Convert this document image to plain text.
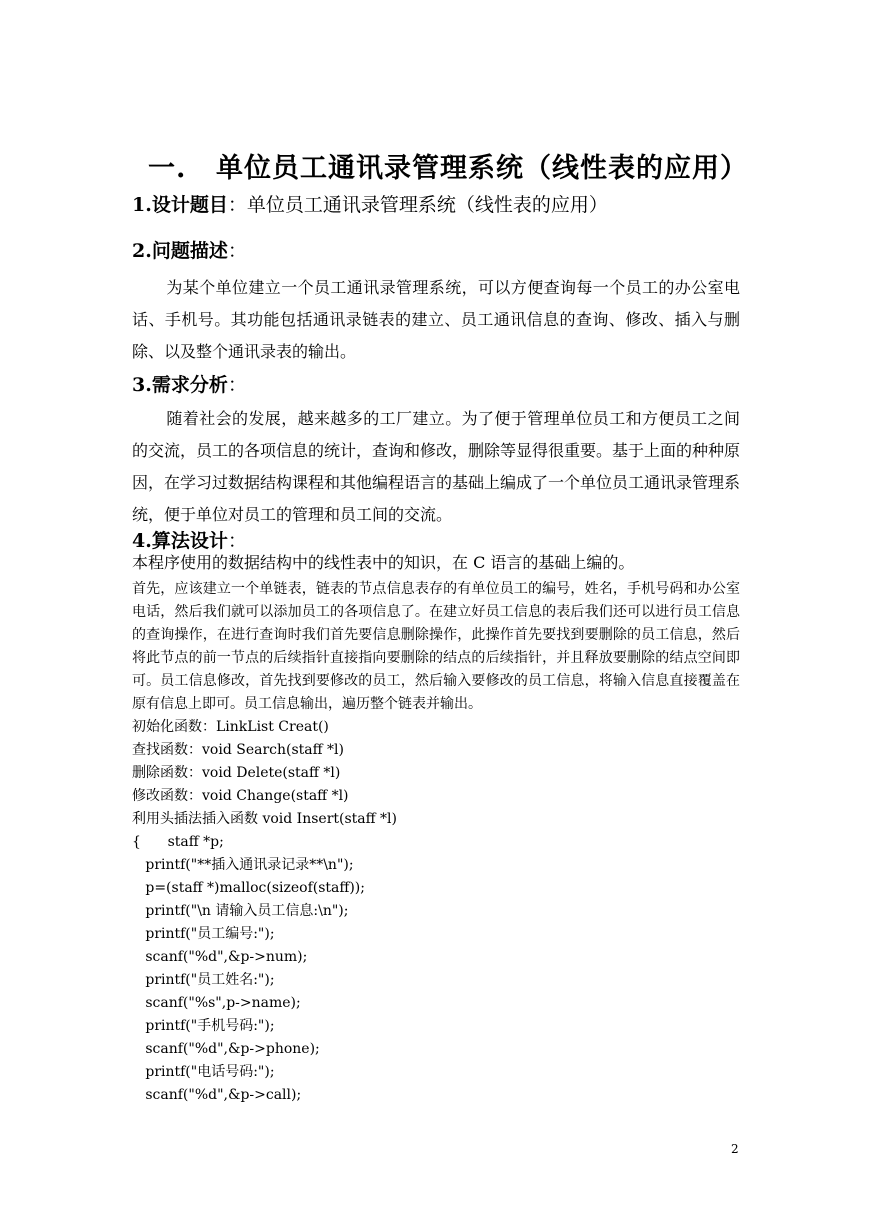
一. 单位员工通讯录管理系统（线性表的应用）
1.设计题目：单位员工通讯录管理系统（线性表的应用）
2.问题描述：
为某个单位建立一个员工通讯录管理系统，可以方便查询每一个员工的办公室电话、手机号。其功能包括通讯录链表的建立、员工通讯信息的查询、修改、插入与删除、以及整个通讯录表的输出。
3.需求分析：
随着社会的发展，越来越多的工厂建立。为了便于管理单位员工和方便员工之间的交流，员工的各项信息的统计，查询和修改，删除等显得很重要。基于上面的种种原因，在学习过数据结构课程和其他编程语言的基础上编成了一个单位员工通讯录管理系统，便于单位对员工的管理和员工间的交流。
4.算法设计：
本程序使用的数据结构中的线性表中的知识，在 C 语言的基础上编的。
首先，应该建立一个单链表，链表的节点信息表存的有单位员工的编号，姓名，手机号码和办公室电话，然后我们就可以添加员工的各项信息了。在建立好员工信息的表后我们还可以进行员工信息的查询操作，在进行查询时我们首先要信息删除操作，此操作首先要找到要删除的员工信息，然后将此节点的前一节点的后续指针直接指向要删除的结点的后续指针，并且释放要删除的结点空间即可。员工信息修改，首先找到要修改的员工，然后输入要修改的员工信息，将输入信息直接覆盖在原有信息上即可。员工信息输出，遍历整个链表并输出。
初始化函数：LinkList Creat()
查找函数：void Search(staff *l)
删除函数：void Delete(staff *l)
修改函数：void Change(staff *l)
利用头插法插入函数 void Insert(staff *l)
{      staff *p;
printf("**插入通讯录记录**\n");
p=(staff *)malloc(sizeof(staff));
printf("\n 请输入员工信息:\n");
printf("员工编号:");
scanf("%d",&p->num);
printf("员工姓名:");
scanf("%s",p->name);
printf("手机号码:");
scanf("%d",&p->phone);
printf("电话号码:");
scanf("%d",&p->call);
2
